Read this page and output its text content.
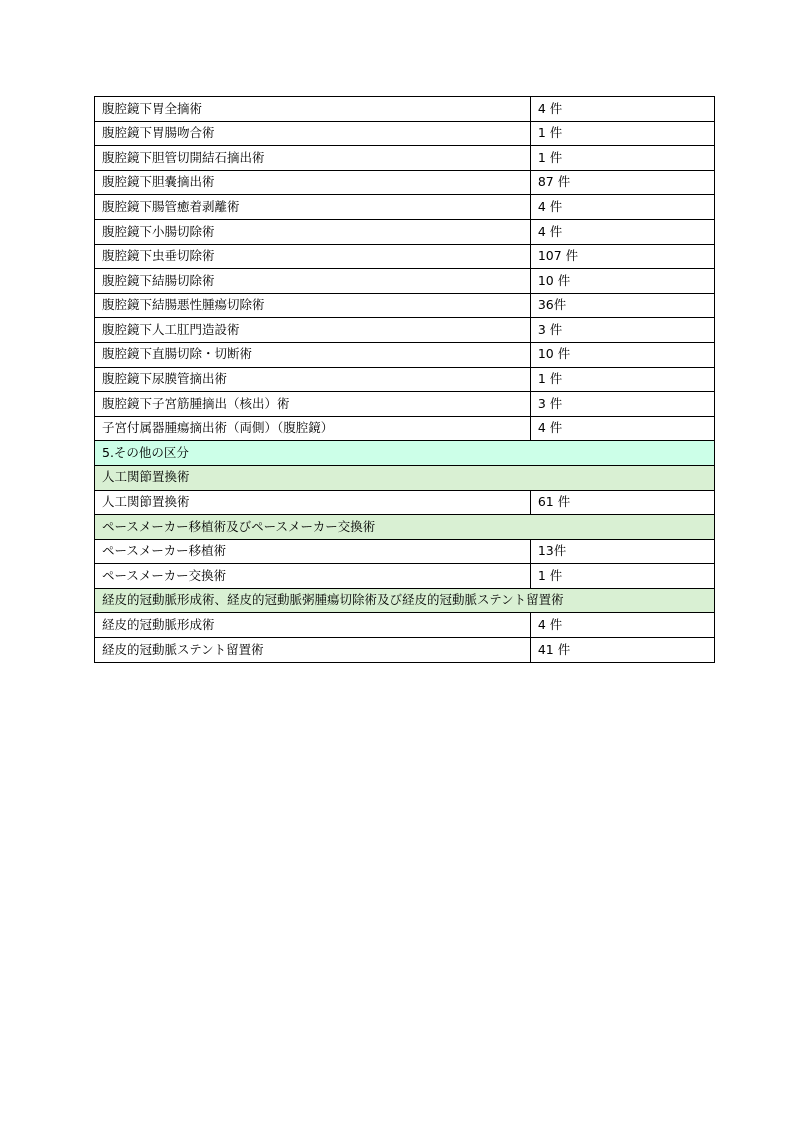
腹腔鏡下胃全摘術	4 件
腹腔鏡下胃腸吻合術	1 件
腹腔鏡下胆管切開結石摘出術	1 件
腹腔鏡下胆嚢摘出術	87 件
腹腔鏡下腸管癒着剥離術	4 件
腹腔鏡下小腸切除術	4 件
腹腔鏡下虫垂切除術	107 件
腹腔鏡下結腸切除術	10 件
腹腔鏡下結腸悪性腫瘍切除術	36件
腹腔鏡下人工肛門造設術	3 件
腹腔鏡下直腸切除・切断術	10 件
腹腔鏡下尿膜管摘出術	1 件
腹腔鏡下子宮筋腫摘出（核出）術	3 件
子宮付属器腫瘍摘出術（両側）（腹腔鏡）	4 件
5.その他の区分	
人工関節置換術	
人工関節置換術	61 件
ペースメーカー移植術及びペースメーカー交換術	
ペースメーカー移植術	13件
ペースメーカー交換術	1 件
経皮的冠動脈形成術、経皮的冠動脈粥腫瘍切除術及び経皮的冠動脈ステント留置術	
経皮的冠動脈形成術	4 件
経皮的冠動脈ステント留置術	41 件
